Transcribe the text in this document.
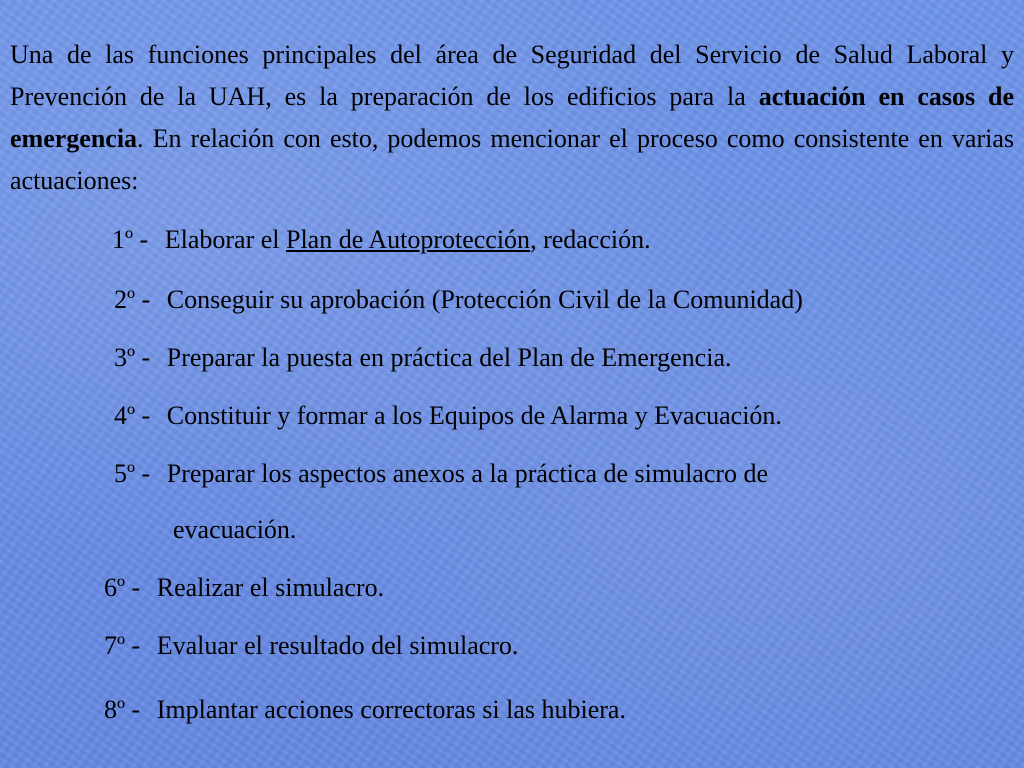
Una de las funciones principales del área de Seguridad del Servicio de Salud Laboral y Prevención de la UAH, es la preparación de los edificios para la actuación en casos de emergencia. En relación con esto, podemos mencionar el proceso como consistente en varias actuaciones:

1º - Elaborar el Plan de Autoprotección, redacción.

2º - Conseguir su aprobación (Protección Civil de la Comunidad)

3º - Preparar la puesta en práctica del Plan de Emergencia.

4º - Constituir y formar a los Equipos de Alarma y Evacuación.

5º - Preparar los aspectos anexos a la práctica de simulacro de

evacuación.

6º - Realizar el simulacro.

7º - Evaluar el resultado del simulacro.

8º - Implantar acciones correctoras si las hubiera.
